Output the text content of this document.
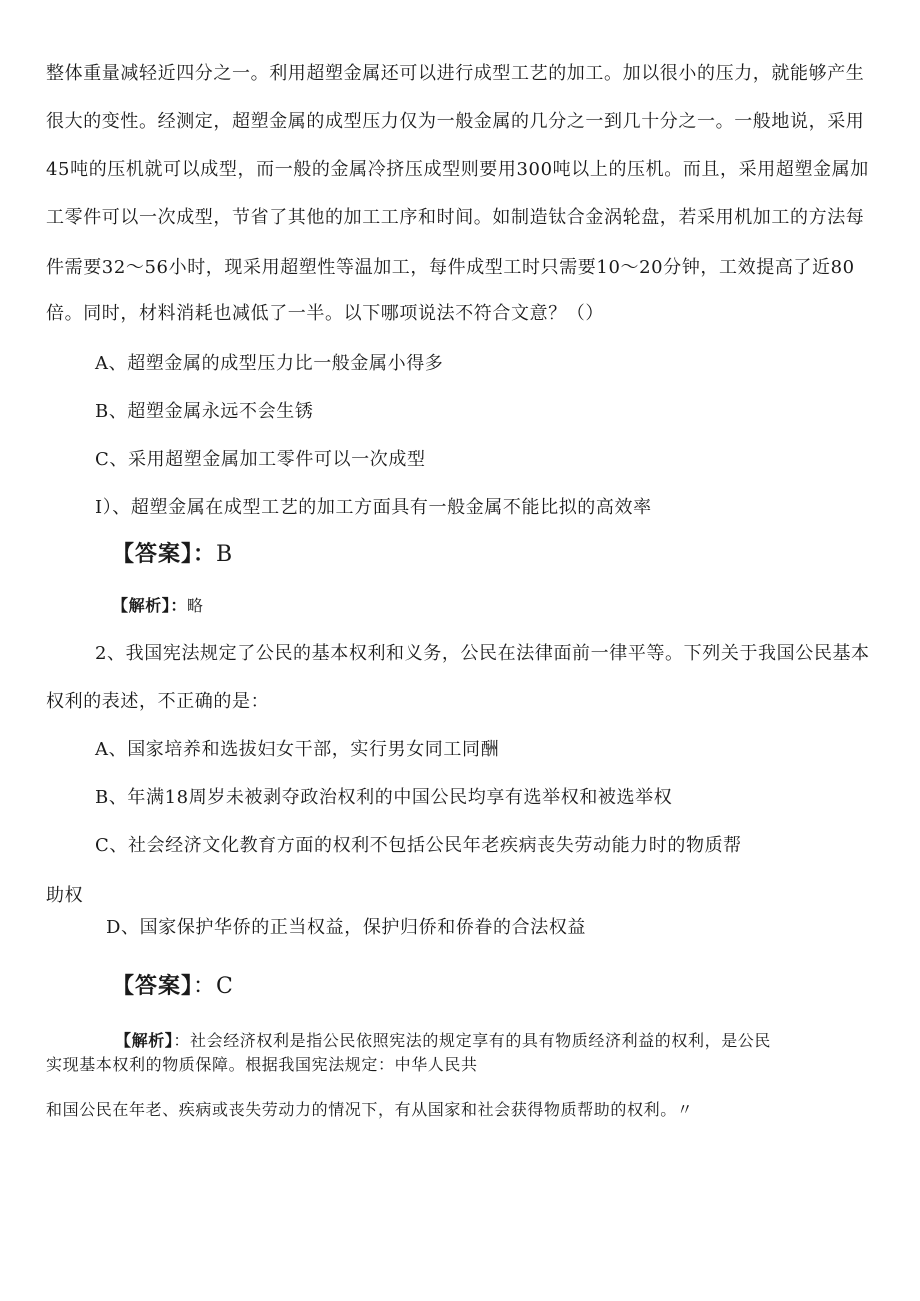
整体重量减轻近四分之一。利用超塑金属还可以进行成型工艺的加工。加以很小的压力，就能够产生
很大的变性。经测定，超塑金属的成型压力仅为一般金属的几分之一到几十分之一。一般地说，采用
45吨的压机就可以成型，而一般的金属冷挤压成型则要用300吨以上的压机。而且，采用超塑金属加
工零件可以一次成型，节省了其他的加工工序和时间。如制造钛合金涡轮盘，若采用机加工的方法每
件需要32〜56小时，现采用超塑性等温加工，每件成型工时只需要10〜20分钟，工效提高了近80
倍。同时，材料消耗也减低了一半。以下哪项说法不符合文意？（）
A、超塑金属的成型压力比一般金属小得多
B、超塑金属永远不会生锈
C、采用超塑金属加工零件可以一次成型
I）、超塑金属在成型工艺的加工方面具有一般金属不能比拟的高效率
【答案】：B
【解析】：略
2、我国宪法规定了公民的基本权利和义务，公民在法律面前一律平等。下列关于我国公民基本
权利的表述，不正确的是：
A、国家培养和选拔妇女干部，实行男女同工同酬
B、年满18周岁未被剥夺政治权利的中国公民均享有选举权和被选举权
C、社会经济文化教育方面的权利不包括公民年老疾病丧失劳动能力时的物质帮
助权
D、国家保护华侨的正当权益，保护归侨和侨眷的合法权益
【答案】：C
【解析】：社会经济权利是指公民依照宪法的规定享有的具有物质经济利益的权利，是公民
实现基本权利的物质保障。根据我国宪法规定：中华人民共
和国公民在年老、疾病或丧失劳动力的情况下，有从国家和社会获得物质帮助的权利。〃
